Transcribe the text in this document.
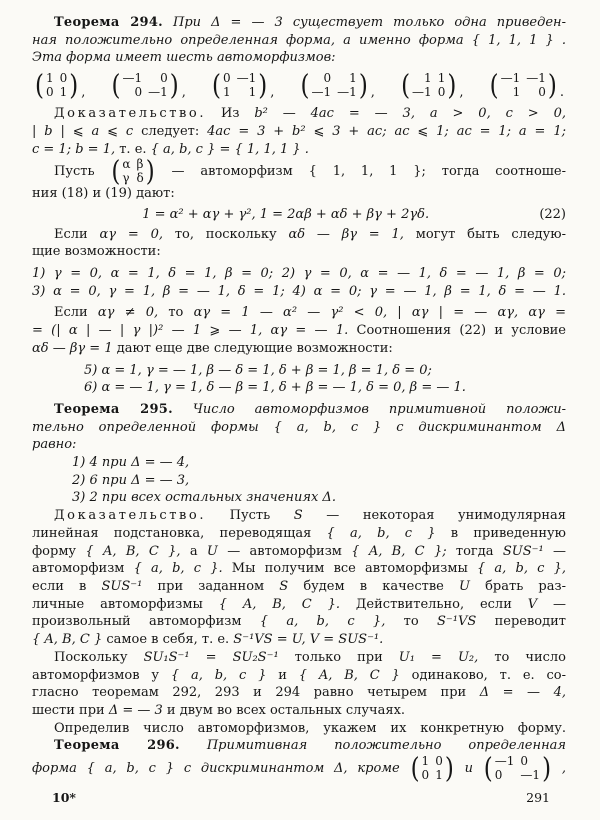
Теорема 294. При Δ = — 3 существует только одна приведен-
ная положительно определенная форма, а именно форма { 1, 1, 1 } .
Эта форма имеет шесть автоморфизмов:
( 1 0
0 1 ) , ( —1	0
0 —1 ) , ( 0 —1
1	1 ) , (	0	1
—1 —1 ) , (	1 1
—1 0 ) , ( —1 —1
1	0 ) .
Доказательство. Из b² — 4ac = — 3, a > 0, c > 0,
| b | ⩽ a ⩽ c следует: 4ac = 3 + b² ⩽ 3 + ac; ac ⩽ 1; ac = 1; a = 1;
c = 1; b = 1, т. е. { a, b, c } = { 1, 1, 1 } .
Пусть ( α β
γ δ ) — автоморфизм { 1, 1, 1 }; тогда соотноше-
ния (18) и (19) дают:
1 = α² + αγ + γ², 1 = 2αβ + αδ + βγ + 2γδ.	(22)
Если αγ = 0, то, поскольку αδ — βγ = 1, могут быть следую-
щие возможности:
1) γ = 0, α = 1, δ = 1, β = 0; 2) γ = 0, α = — 1, δ = — 1, β = 0;
3) α = 0, γ = 1, β = — 1, δ = 1; 4) α = 0; γ = — 1, β = 1, δ = — 1.
Если αγ ≠ 0, то αγ = 1 — α² — γ² < 0, | αγ | = — αγ, αγ =
= (| α | — | γ |)² — 1 ⩾ — 1, αγ = — 1. Соотношения (22) и условие
αδ — βγ = 1 дают еще две следующие возможности:
5) α = 1, γ = — 1, β — δ = 1, δ + β = 1, β = 1, δ = 0;
6) α = — 1, γ = 1, δ — β = 1, δ + β = — 1, δ = 0, β = — 1.
Теорема 295. Число автоморфизмов примитивной положи-
тельно определенной формы { a, b, c } с дискриминантом Δ
равно:
1) 4 при Δ = — 4,
2) 6 при Δ = — 3,
3) 2 при всех остальных значениях Δ.
Доказательство. Пусть S — некоторая унимодулярная
линейная подстановка, переводящая { a, b, c } в приведенную
форму { A, B, C }, а U — автоморфизм { A, B, C }; тогда SUS⁻¹ —
автоморфизм { a, b, c }. Мы получим все автоморфизмы { a, b, c },
если в SUS⁻¹ при заданном S будем в качестве U брать раз-
личные автоморфизмы { A, B, C }. Действительно, если V —
произвольный автоморфизм { a, b, c }, то S⁻¹VS переводит
{ A, B, C } самое в себя, т. е. S⁻¹VS = U, V = SUS⁻¹.
Поскольку SU₁S⁻¹ = SU₂S⁻¹ только при U₁ = U₂, то число
автоморфизмов у { a, b, c } и { A, B, C } одинаково, т. е. со-
гласно теоремам 292, 293 и 294 равно четырем при Δ = — 4,
шести при Δ = — 3 и двум во всех остальных случаях.
Определив число автоморфизмов, укажем их конкретную форму.
Теорема 296. Примитивная положительно определенная
форма { a, b, c } с дискриминантом Δ, кроме ( 1 0
0 1 ) и ( —1 0
0	—1 ) ,
10*	291
